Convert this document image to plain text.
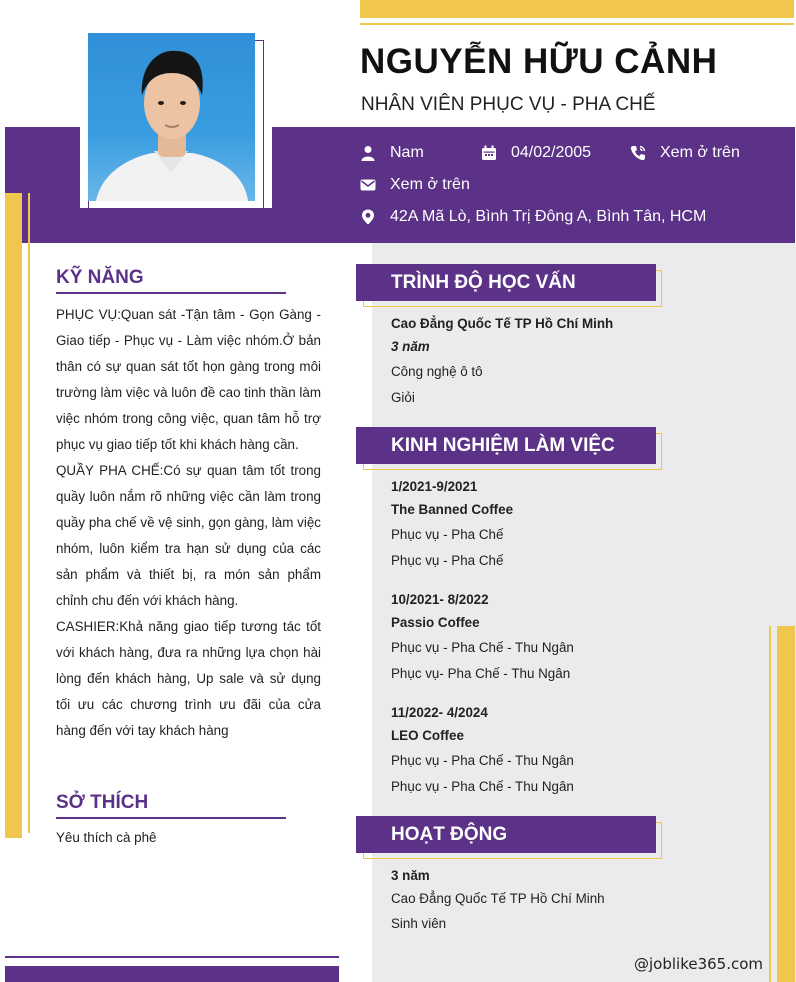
NGUYỄN HỮU CẢNH
NHÂN VIÊN PHỤC VỤ - PHA CHẾ
Nam	04/02/2005	Xem ở trên
Xem ở trên
42A Mã Lò, Bình Trị Đông A, Bình Tân, HCM
KỸ NĂNG

PHỤC VỤ:Quan sát -Tận tâm - Gọn Gàng - Giao tiếp - Phục vụ - Làm việc nhóm.Ở bản thân có sự quan sát tốt họn gàng trong môi trường làm việc và luôn đề cao tinh thần làm việc nhóm trong công việc, quan tâm hỗ trợ phục vụ giao tiếp tốt khi khách hàng cần.

QUẦY PHA CHẾ:Có sự quan tâm tốt trong quầy luôn nắm rõ những việc cần làm trong quầy pha chế về vệ sinh, gọn gàng, làm việc nhóm, luôn kiểm tra hạn sử dụng của các sản phẩm và thiết bị, ra món sản phẩm chỉnh chu đến với khách hàng.

CASHIER:Khả năng giao tiếp tương tác tốt với khách hàng, đưa ra những lựa chọn hài lòng đến khách hàng, Up sale và sử dụng tối ưu các chương trình ưu đãi của cửa hàng đến với tay khách hàng

SỞ THÍCH
Yêu thích cà phê
TRÌNH ĐỘ HỌC VẤN
Cao Đẳng Quốc Tế TP Hồ Chí Minh
3 năm
Công nghệ ô tô
Giỏi
KINH NGHIỆM LÀM VIỆC
1/2021-9/2021
The Banned Coffee
Phục vụ - Pha Chế
Phục vụ - Pha Chế
10/2021- 8/2022
Passio Coffee
Phục vụ - Pha Chế - Thu Ngân
Phục vụ- Pha Chế - Thu Ngân
11/2022- 4/2024
LEO Coffee
Phục vụ - Pha Chế - Thu Ngân
Phục vụ - Pha Chế - Thu Ngân
HOẠT ĐỘNG
3 năm
Cao Đẳng Quốc Tế TP Hồ Chí Minh
Sinh viên
@joblike365.com
